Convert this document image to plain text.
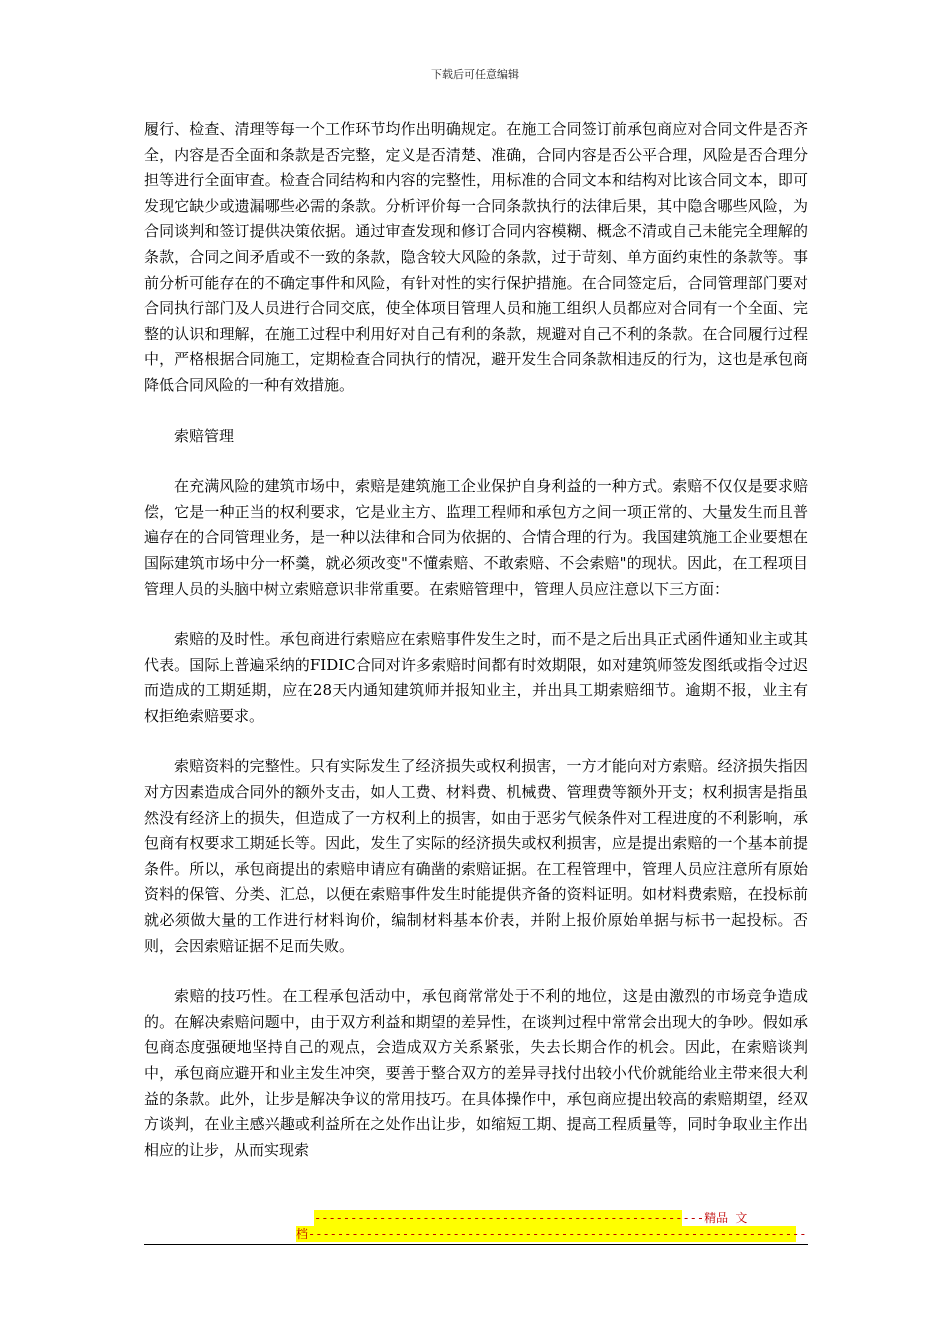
下载后可任意编辑

履行、检查、清理等每一个工作环节均作出明确规定。在施工合同签订前承包商应对合同文件是否齐全，内容是否全面和条款是否完整，定义是否清楚、准确，合同内容是否公平合理，风险是否合理分担等进行全面审查。检查合同结构和内容的完整性，用标准的合同文本和结构对比该合同文本，即可发现它缺少或遗漏哪些必需的条款。分析评价每一合同条款执行的法律后果，其中隐含哪些风险，为合同谈判和签订提供决策依据。通过审查发现和修订合同内容模糊、概念不清或自己未能完全理解的条款，合同之间矛盾或不一致的条款，隐含较大风险的条款，过于苛刻、单方面约束性的条款等。事前分析可能存在的不确定事件和风险，有针对性的实行保护措施。在合同签定后，合同管理部门要对合同执行部门及人员进行合同交底，使全体项目管理人员和施工组织人员都应对合同有一个全面、完整的认识和理解，在施工过程中利用好对自己有利的条款，规避对自己不利的条款。在合同履行过程中，严格根据合同施工，定期检查合同执行的情况，避开发生合同条款相违反的行为，这也是承包商降低合同风险的一种有效措施。

索赔管理

在充满风险的建筑市场中，索赔是建筑施工企业保护自身利益的一种方式。索赔不仅仅是要求赔偿，它是一种正当的权利要求，它是业主方、监理工程师和承包方之间一项正常的、大量发生而且普遍存在的合同管理业务，是一种以法律和合同为依据的、合情合理的行为。我国建筑施工企业要想在国际建筑市场中分一杯羹，就必须改变"不懂索赔、不敢索赔、不会索赔"的现状。因此，在工程项目管理人员的头脑中树立索赔意识非常重要。在索赔管理中，管理人员应注意以下三方面：

索赔的及时性。承包商进行索赔应在索赔事件发生之时，而不是之后出具正式函件通知业主或其代表。国际上普遍采纳的FIDIC合同对许多索赔时间都有时效期限，如对建筑师签发图纸或指令过迟而造成的工期延期，应在28天内通知建筑师并报知业主，并出具工期索赔细节。逾期不报，业主有权拒绝索赔要求。

索赔资料的完整性。只有实际发生了经济损失或权利损害，一方才能向对方索赔。经济损失指因对方因素造成合同外的额外支击，如人工费、材料费、机械费、管理费等额外开支；权利损害是指虽然没有经济上的损失，但造成了一方权利上的损害，如由于恶劣气候条件对工程进度的不利影响，承包商有权要求工期延长等。因此，发生了实际的经济损失或权利损害，应是提出索赔的一个基本前提条件。所以，承包商提出的索赔申请应有确凿的索赔证据。在工程管理中，管理人员应注意所有原始资料的保管、分类、汇总，以便在索赔事件发生时能提供齐备的资料证明。如材料费索赔，在投标前就必须做大量的工作进行材料询价，编制材料基本价表，并附上报价原始单据与标书一起投标。否则，会因索赔证据不足而失败。

索赔的技巧性。在工程承包活动中，承包商常常处于不利的地位，这是由激烈的市场竞争造成的。在解决索赔问题中，由于双方利益和期望的差异性，在谈判过程中常常会出现大的争吵。假如承包商态度强硬地坚持自己的观点，会造成双方关系紧张，失去长期合作的机会。因此，在索赔谈判中，承包商应避开和业主发生冲突，要善于整合双方的差异寻找付出较小代价就能给业主带来很大利益的条款。此外，让步是解决争议的常用技巧。在具体操作中，承包商应提出较高的索赔期望，经双方谈判，在业主感兴趣或利益所在之处作出让步，如缩短工期、提高工程质量等，同时争取业主作出相应的让步，从而实现索

------------------------------------------------------精品 文
档---------------------------------------------------------------------
